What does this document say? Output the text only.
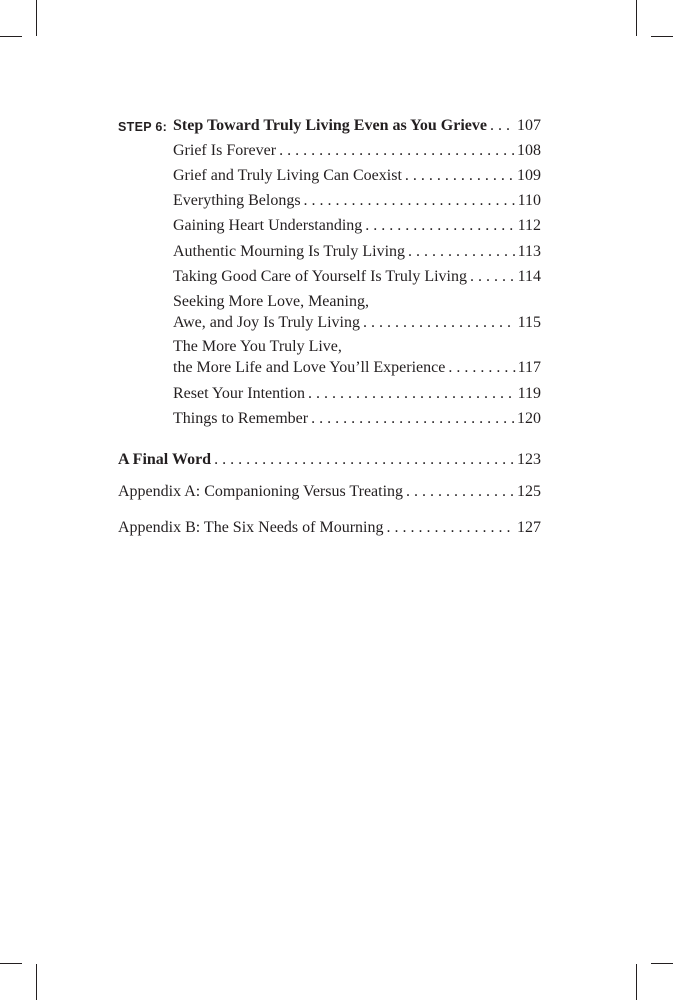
STEP 6: Step Toward Truly Living Even as You Grieve . . . 107
Grief Is Forever . . .	108
Grief and Truly Living Can Coexist . . .	109
Everything Belongs . . .	110
Gaining Heart Understanding . . .	112
Authentic Mourning Is Truly Living . . .	113
Taking Good Care of Yourself Is Truly Living . . .	114
Seeking More Love, Meaning,
Awe, and Joy Is Truly Living . . .	115
The More You Truly Live,
the More Life and Love You’ll Experience . . .	117
Reset Your Intention . . .	119
Things to Remember . . .	120
A Final Word . . .	123
Appendix A: Companioning Versus Treating . . .	125
Appendix B: The Six Needs of Mourning . . .	127
